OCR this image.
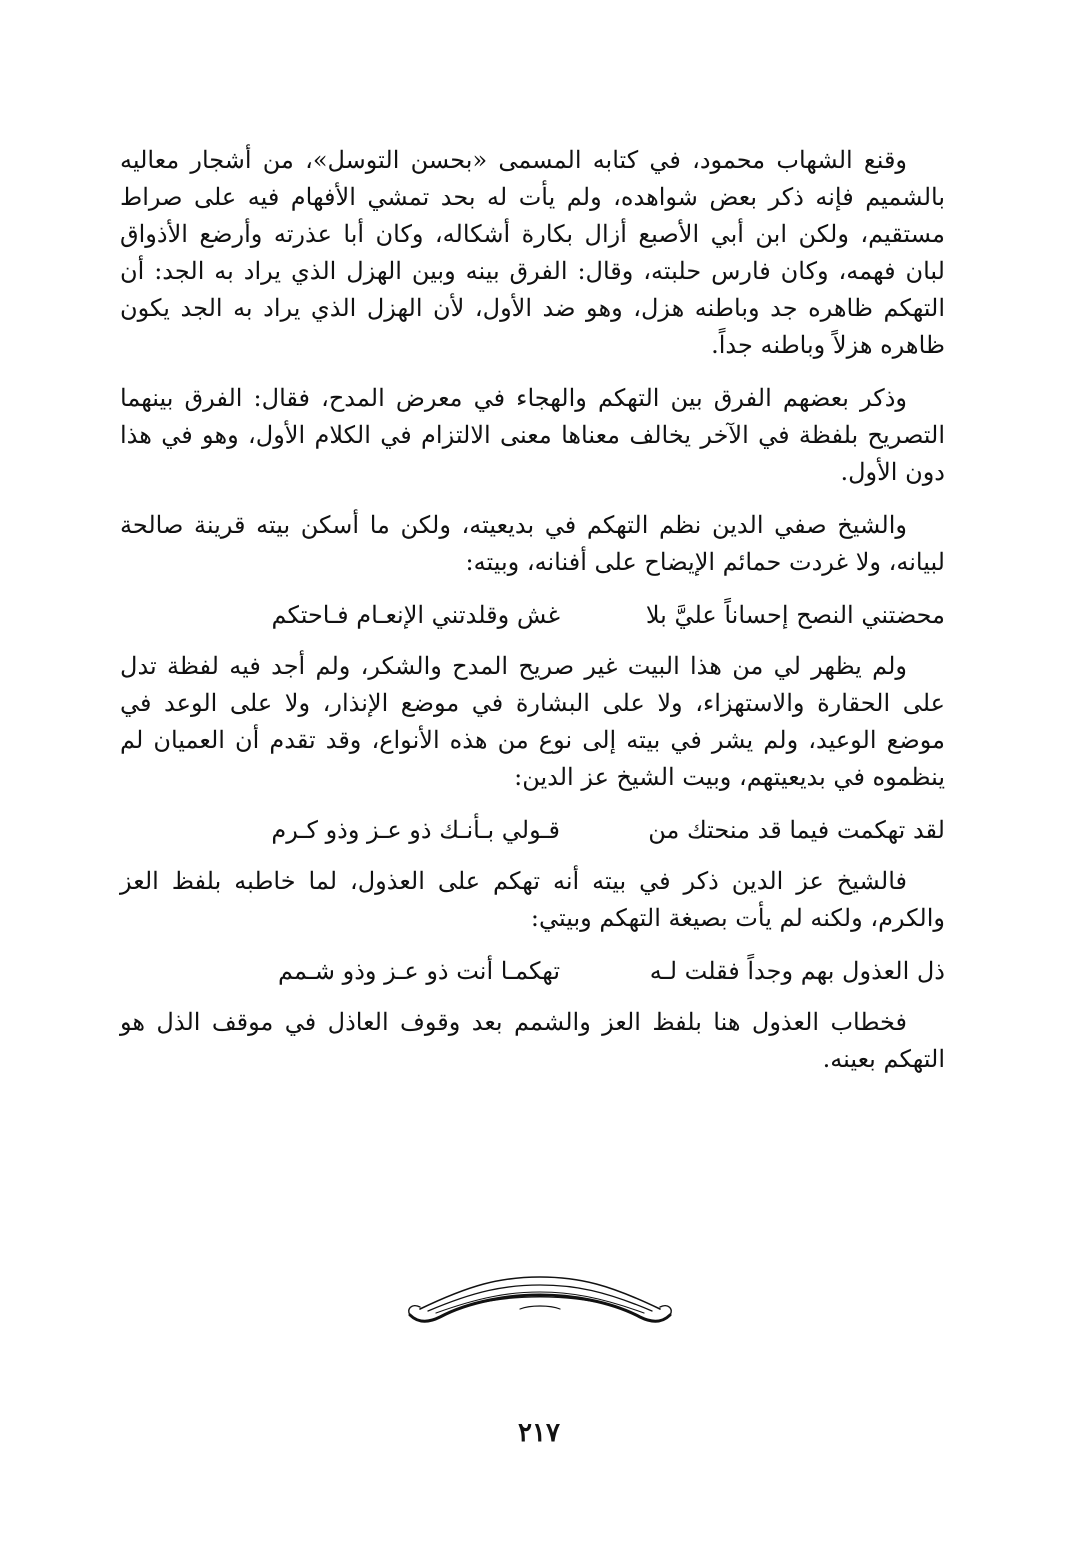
وقنع الشهاب محمود، في كتابه المسمى «بحسن التوسل»، من أشجار معاليه بالشميم فإنه ذكر بعض شواهده، ولم يأت له بحد تمشي الأفهام فيه على صراط مستقيم، ولكن ابن أبي الأصبع أزال بكارة أشكاله، وكان أبا عذرته وأرضع الأذواق لبان فهمه، وكان فارس حلبته، وقال: الفرق بينه وبين الهزل الذي يراد به الجد: أن التهكم ظاهره جد وباطنه هزل، وهو ضد الأول، لأن الهزل الذي يراد به الجد يكون ظاهره هزلاً وباطنه جداً.

وذكر بعضهم الفرق بين التهكم والهجاء في معرض المدح، فقال: الفرق بينهما التصريح بلفظة في الآخر يخالف معناها معنى الالتزام في الكلام الأول، وهو في هذا دون الأول.

والشيخ صفي الدين نظم التهكم في بديعيته، ولكن ما أسكن بيته قرينة صالحة لبيانه، ولا غردت حمائم الإيضاح على أفنانه، وبيته:

محضتني النصح إحساناً عليَّ بلا
غش وقلدتني الإنعـام فـاحتكم

ولم يظهر لي من هذا البيت غير صريح المدح والشكر، ولم أجد فيه لفظة تدل على الحقارة والاستهزاء، ولا على البشارة في موضع الإنذار، ولا على الوعد في موضع الوعيد، ولم يشر في بيته إلى نوع من هذه الأنواع، وقد تقدم أن العميان لم ينظموه في بديعيتهم، وبيت الشيخ عز الدين:

لقد تهكمت فيما قد منحتك من
قـولي بـأنـك ذو عـز وذو كـرم

فالشيخ عز الدين ذكر في بيته أنه تهكم على العذول، لما خاطبه بلفظ العز والكرم، ولكنه لم يأت بصيغة التهكم وبيتي:

ذل العذول بهم وجداً فقلت لـه
تهكمـا أنت ذو عـز وذو شـمم

فخطاب العذول هنا بلفظ العز والشمم بعد وقوف العاذل في موقف الذل هو التهكم بعينه.

٢١٧
